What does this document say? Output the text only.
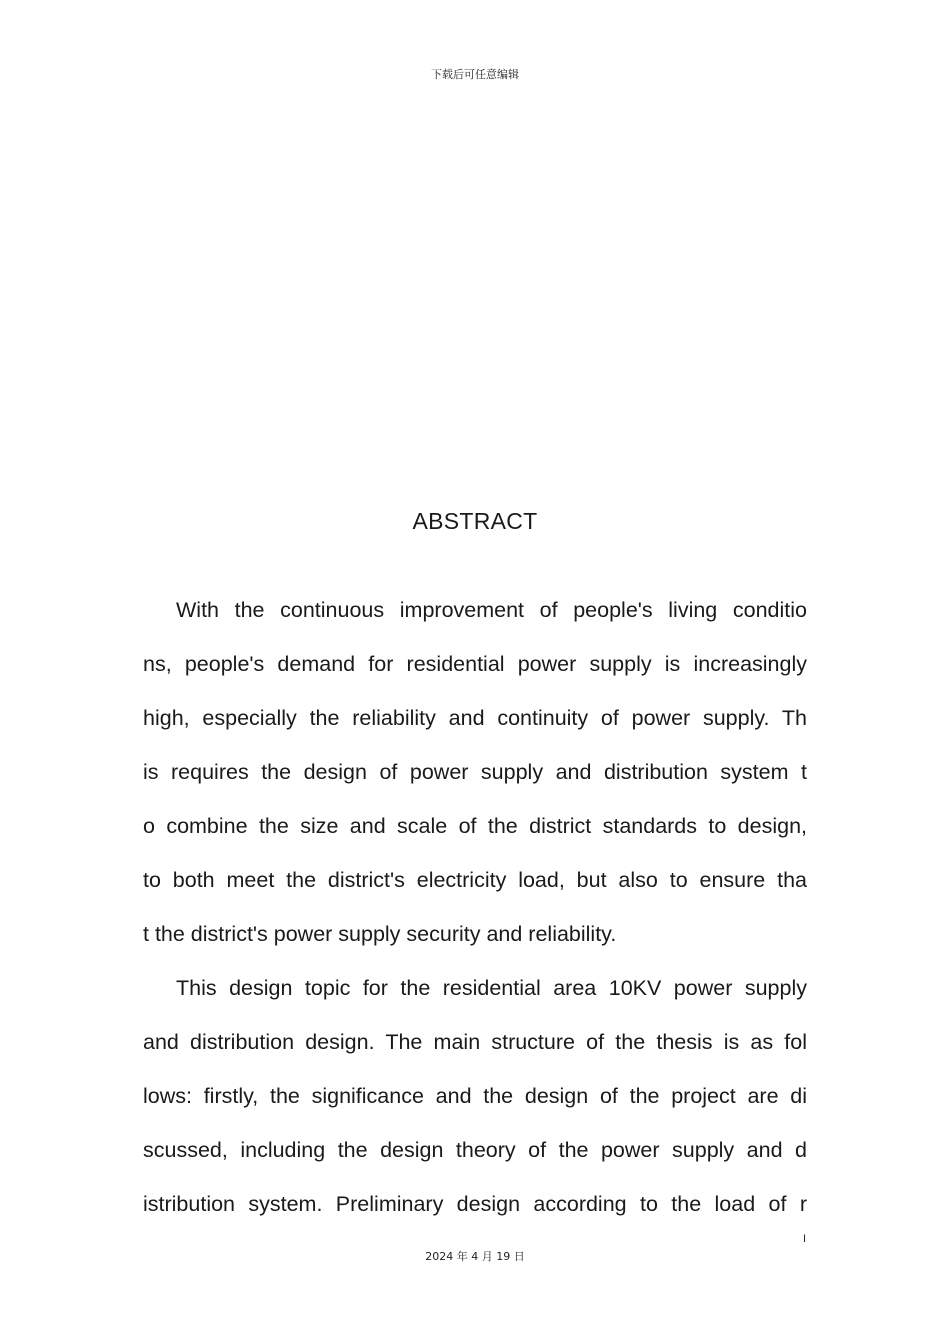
下载后可任意编辑
ABSTRACT
With the continuous improvement of people's living conditio
ns, people's demand for residential power supply is increasingly
high, especially the reliability and continuity of power supply. Th
is requires the design of power supply and distribution system t
o combine the size and scale of the district standards to design,
to both meet the district's electricity load, but also to ensure tha
t the district's power supply security and reliability.
This design topic for the residential area 10KV power supply
and distribution design. The main structure of the thesis is as fol
lows: firstly, the significance and the design of the project are di
scussed, including the design theory of the power supply and d
istribution system. Preliminary design according to the load of r
I
2024 年 4 月 19 日
